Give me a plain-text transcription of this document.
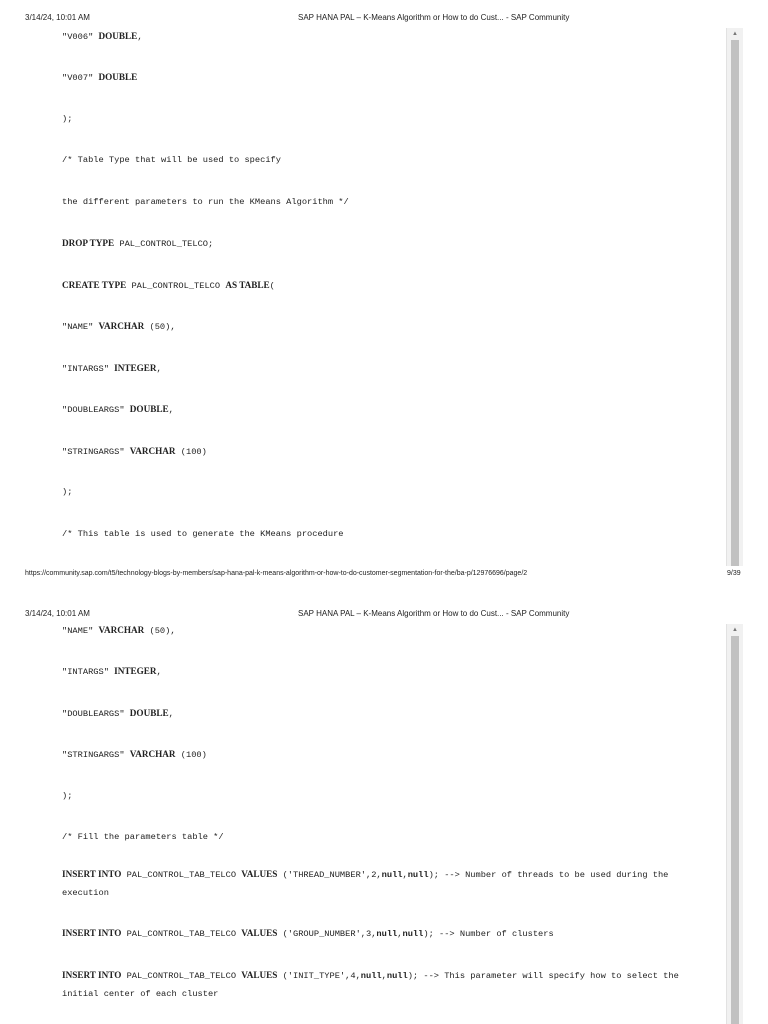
3/14/24, 10:01 AM	SAP HANA PAL – K-Means Algorithm or How to do Cust... - SAP Community
"V006" DOUBLE,
"V007" DOUBLE
);
/* Table Type that will be used to specify
the different parameters to run the KMeans Algorithm */
DROP TYPE PAL_CONTROL_TELCO;
CREATE TYPE PAL_CONTROL_TELCO AS TABLE(
"NAME" VARCHAR (50),
"INTARGS" INTEGER,
"DOUBLEARGS" DOUBLE,
"STRINGARGS" VARCHAR (100)
);
/* This table is used to generate the KMeans procedure
▲
https://community.sap.com/t5/technology-blogs-by-members/sap-hana-pal-k-means-algorithm-or-how-to-do-customer-segmentation-for-the/ba-p/12976696/page/2	9/39
3/14/24, 10:01 AM	SAP HANA PAL – K-Means Algorithm or How to do Cust... - SAP Community
"NAME" VARCHAR (50),
"INTARGS" INTEGER,
"DOUBLEARGS" DOUBLE,
"STRINGARGS" VARCHAR (100)
);
/* Fill the parameters table */
INSERT INTO PAL_CONTROL_TAB_TELCO VALUES ('THREAD_NUMBER',2,null,null); --> Number of threads to be used during the execution
INSERT INTO PAL_CONTROL_TAB_TELCO VALUES ('GROUP_NUMBER',3,null,null); --> Number of clusters
INSERT INTO PAL_CONTROL_TAB_TELCO VALUES ('INIT_TYPE',4,null,null); --> This parameter will specify how to select the initial center of each cluster
▲
